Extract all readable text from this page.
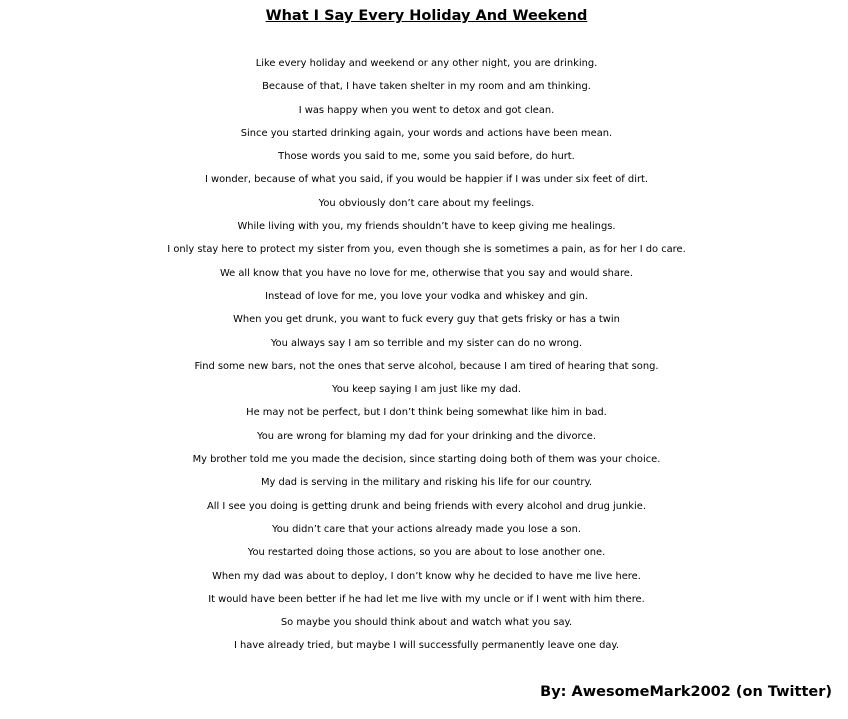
What I Say Every Holiday And Weekend
Like every holiday and weekend or any other night, you are drinking.
Because of that, I have taken shelter in my room and am thinking.
I was happy when you went to detox and got clean.
Since you started drinking again, your words and actions have been mean.
Those words you said to me, some you said before, do hurt.
I wonder, because of what you said, if you would be happier if I was under six feet of dirt.
You obviously don’t care about my feelings.
While living with you, my friends shouldn’t have to keep giving me healings.
I only stay here to protect my sister from you, even though she is sometimes a pain, as for her I do care.
We all know that you have no love for me, otherwise that you say and would share.
Instead of love for me, you love your vodka and whiskey and gin.
When you get drunk, you want to fuck every guy that gets frisky or has a twin
You always say I am so terrible and my sister can do no wrong.
Find some new bars, not the ones that serve alcohol, because I am tired of hearing that song.
You keep saying I am just like my dad.
He may not be perfect, but I don’t think being somewhat like him in bad.
You are wrong for blaming my dad for your drinking and the divorce.
My brother told me you made the decision, since starting doing both of them was your choice.
My dad is serving in the military and risking his life for our country.
All I see you doing is getting drunk and being friends with every alcohol and drug junkie.
You didn’t care that your actions already made you lose a son.
You restarted doing those actions, so you are about to lose another one.
When my dad was about to deploy, I don’t know why he decided to have me live here.
It would have been better if he had let me live with my uncle or if I went with him there.
So maybe you should think about and watch what you say.
I have already tried, but maybe I will successfully permanently leave one day.
By: AwesomeMark2002 (on Twitter)
